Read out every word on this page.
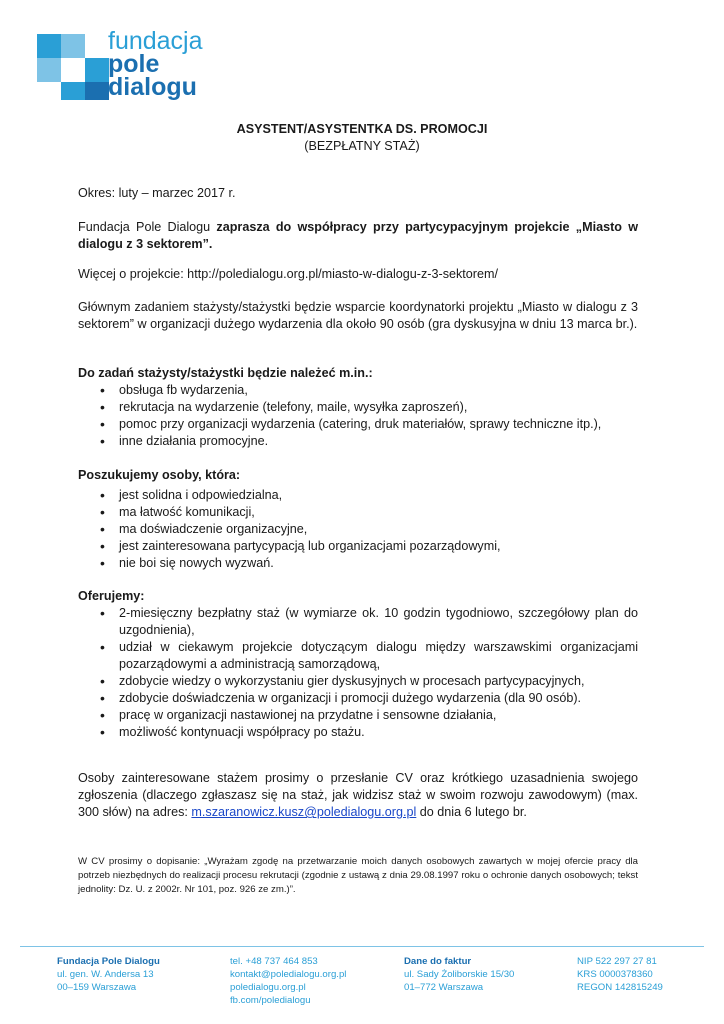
fundacja
pole
dialogu
ASYSTENT/ASYSTENTKA DS. PROMOCJI
(BEZPŁATNY STAŻ)

Okres: luty – marzec 2017 r.

Fundacja Pole Dialogu zaprasza do współpracy przy partycypacyjnym projekcie „Miasto w dialogu z 3 sektorem”.

Więcej o projekcie: http://poledialogu.org.pl/miasto-w-dialogu-z-3-sektorem/

Głównym zadaniem stażysty/stażystki będzie wsparcie koordynatorki projektu „Miasto w dialogu z 3 sektorem” w organizacji dużego wydarzenia dla około 90 osób (gra dyskusyjna w dniu 13 marca br.).

Do zadań stażysty/stażystki będzie należeć m.in.:

• obsługa fb wydarzenia,
• rekrutacja na wydarzenie (telefony, maile, wysyłka zaproszeń),
• pomoc przy organizacji wydarzenia (catering, druk materiałów, sprawy techniczne itp.),
• inne działania promocyjne.

Poszukujemy osoby, która:

• jest solidna i odpowiedzialna,
• ma łatwość komunikacji,
• ma doświadczenie organizacyjne,
• jest zainteresowana partycypacją lub organizacjami pozarządowymi,
• nie boi się nowych wyzwań.

Oferujemy:

• 2-miesięczny bezpłatny staż (w wymiarze ok. 10 godzin tygodniowo, szczegółowy plan do uzgodnienia),
• udział w ciekawym projekcie dotyczącym dialogu między warszawskimi organizacjami pozarządowymi a administracją samorządową,
• zdobycie wiedzy o wykorzystaniu gier dyskusyjnych w procesach partycypacyjnych,
• zdobycie doświadczenia w organizacji i promocji dużego wydarzenia (dla 90 osób).
• pracę w organizacji nastawionej na przydatne i sensowne działania,
• możliwość kontynuacji współpracy po stażu.

Osoby zainteresowane stażem prosimy o przesłanie CV oraz krótkiego uzasadnienia swojego zgłoszenia (dlaczego zgłaszasz się na staż, jak widzisz staż w swoim rozwoju zawodowym) (max. 300 słów) na adres: m.szaranowicz.kusz@poledialogu.org.pl do dnia 6 lutego br.

W CV prosimy o dopisanie: „Wyrażam zgodę na przetwarzanie moich danych osobowych zawartych w mojej ofercie pracy dla potrzeb niezbędnych do realizacji procesu rekrutacji (zgodnie z ustawą z dnia 29.08.1997 roku o ochronie danych osobowych; tekst jednolity: Dz. U. z 2002r. Nr 101, poz. 926 ze zm.)”.

Fundacja Pole Dialogu
ul. gen. W. Andersa 13
00–159 Warszawa
tel. +48 737 464 853
kontakt@poledialogu.org.pl
poledialogu.org.pl
fb.com/poledialogu
Dane do faktur
ul. Sady Żoliborskie 15/30
01–772 Warszawa
NIP 522 297 27 81
KRS 0000378360
REGON 142815249
